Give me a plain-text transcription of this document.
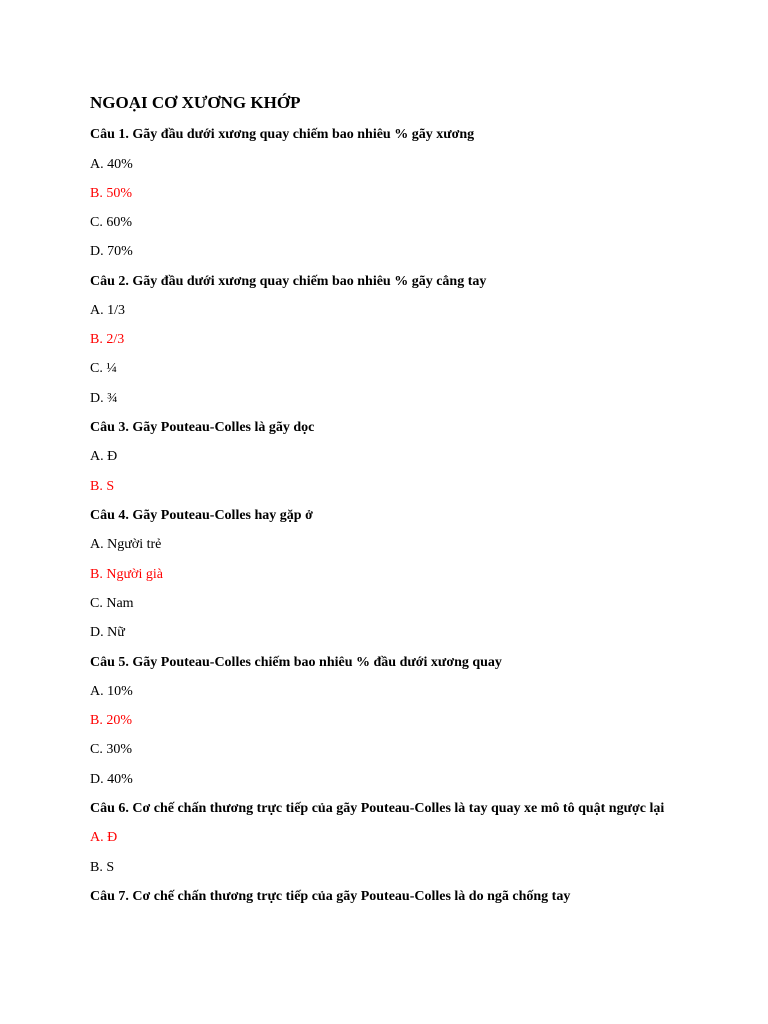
NGOẠI CƠ XƯƠNG KHỚP
Câu 1. Gãy đầu dưới xương quay chiếm bao nhiêu % gãy xương
A. 40%
B. 50%
C. 60%
D. 70%
Câu 2. Gãy đầu dưới xương quay chiếm bao nhiêu % gãy cẳng tay
A. 1/3
B. 2/3
C. ¼
D. ¾
Câu 3. Gãy Pouteau-Colles là gãy dọc
A. Đ
B. S
Câu 4. Gãy Pouteau-Colles hay gặp ở
A. Người trẻ
B. Người già
C. Nam
D. Nữ
Câu 5. Gãy Pouteau-Colles chiếm bao nhiêu % đầu dưới xương quay
A. 10%
B. 20%
C. 30%
D. 40%
Câu 6. Cơ chế chấn thương trực tiếp của gãy Pouteau-Colles là tay quay xe mô tô quật ngược lại
A. Đ
B. S
Câu 7. Cơ chế chấn thương trực tiếp của gãy Pouteau-Colles là do ngã chống tay
